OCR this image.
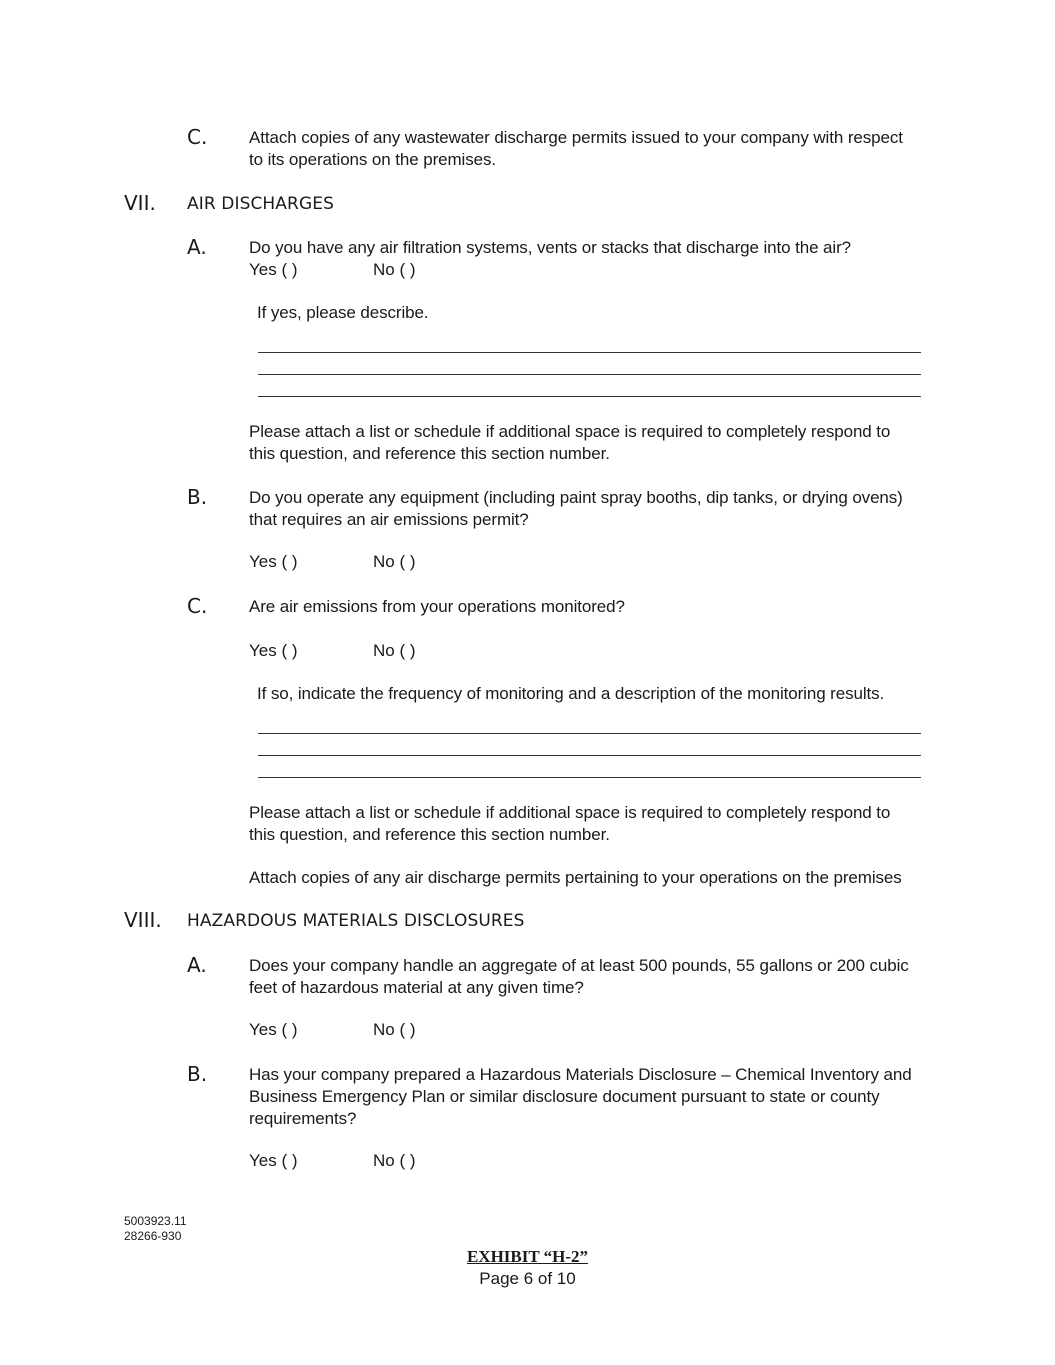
C. Attach copies of any wastewater discharge permits issued to your company with respect
to its operations on the premises.
VII. AIR DISCHARGES
A. Do you have any air filtration systems, vents or stacks that discharge into the air?
Yes ( )	No ( )
If yes, please describe.
Please attach a list or schedule if additional space is required to completely respond to
this question, and reference this section number.
B. Do you operate any equipment (including paint spray booths, dip tanks, or drying ovens)
that requires an air emissions permit?
Yes ( )	No ( )
C. Are air emissions from your operations monitored?
Yes ( )	No ( )
If so, indicate the frequency of monitoring and a description of the monitoring results.
Please attach a list or schedule if additional space is required to completely respond to
this question, and reference this section number.
Attach copies of any air discharge permits pertaining to your operations on the premises
VIII. HAZARDOUS MATERIALS DISCLOSURES
A. Does your company handle an aggregate of at least 500 pounds, 55 gallons or 200 cubic
feet of hazardous material at any given time?
Yes ( )	No ( )
B. Has your company prepared a Hazardous Materials Disclosure – Chemical Inventory and
Business Emergency Plan or similar disclosure document pursuant to state or county
requirements?
Yes ( )	No ( )
5003923.11
28266-930
EXHIBIT “H-2”
Page 6 of 10
